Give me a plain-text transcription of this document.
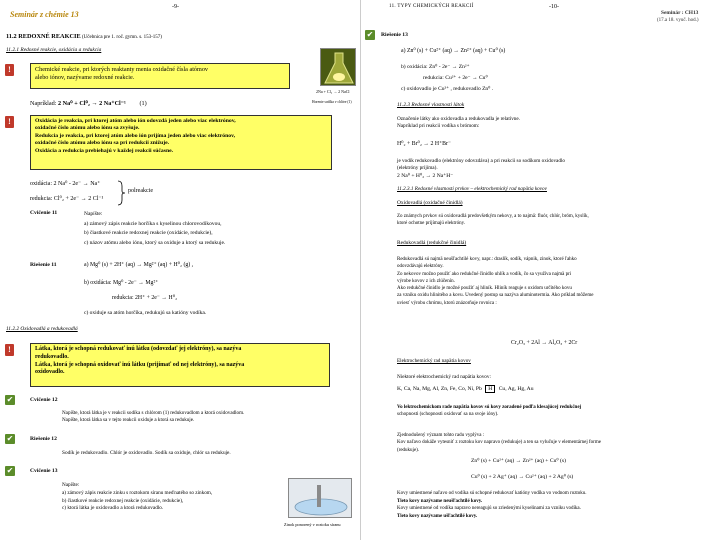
-9-
Seminár z chémie 13
11.2 REDOXNÉ REAKCIE (Učebnica pre 1. roč. gymn. s. 153-157)
11.2.1 Redoxné reakcie, oxidácia a redukcia
!	Chemické reakcie, pri ktorých reaktanty menia oxidačné čísla atómov
alebo iónov, nazývame redoxné reakcie.
Napríklad: 2 Na⁰ + Cl⁰₂ → 2 Na⁺Cl⁻¹ (1)
2Na + Cl₂ → 2 NaCl
Horenie sodíka v chlóre (1)
!	Oxidácia je reakcia, pri ktorej atóm alebo ión odovzdá jeden alebo viac elektrónov,
oxidačné číslo atómu alebo iónu sa zvyšuje.
Redukcia je reakcia, pri ktorej atóm alebo ión prijíma jeden alebo viac elektrónov,
oxidačné číslo atómu alebo iónu sa pri redukcii znižuje.
Oxidácia a redukcia prebiehajú v každej reakcii súčasne.
oxidácia: 2 Na⁰ - 2e⁻ → Na⁺
redukcia: Cl⁰₂ + 2e⁻ → 2 Cl⁻¹
polreakcie
Cvičenie 11	Napíšte:
a) zámový zápis reakcie horčíka s kyselinou chlorovodíkovou,
b) čiastkové reakcie redoxnej reakcie (oxidácie, redukcie),
c) názov atómu alebo iónu, ktorý sa oxiduje a ktorý sa redukuje.
Riešenie 11	a) Mg⁰ (s) + 2H⁺ (aq) → Mg²⁺ (aq) + H⁰₂ (g) ,
b) oxidácia: Mg⁰ - 2e⁻ → Mg²⁺
redukcia: 2H⁺ + 2e⁻ → H⁰₂
c) oxiduje sa atóm horčíka, redukujú sa katióny vodíka.
11.2.2 Oxidovadlá a redukovadlá
!	Látka, ktorá je schopná redukovať inú látku (odovzdať jej elektróny), sa nazýva
redukovadlo.
Látka, ktorá je schopná oxidovať inú látku (prijímať od nej elektróny), sa nazýva
oxidovadlo.
✔	Cvičenie 12
Napíšte, ktorá látka je v reakcii sodíka s chlórom (1) redukovadlom a ktorá oxidovadlom.
Napíšte, ktorá látka sa v tejto reakcii oxiduje a ktorá sa redukuje.
✔	Riešenie 12
Sodík je redukovadlo. Chlór je oxidovadlo. Sodík sa oxiduje, chlór sa redukuje.
✔	Cvičenie 13
Napíšte:
a) zámový zápis reakcie zinku s roztokom síranu meďnatého so zinkom,
b) čiastkové reakcie redoxnej reakcie (oxidácie, redukcie),
c) ktorá látka je oxidovadlo a ktorá redukovadlo.
Zinok ponorený v roztoku síranu
11. TYPY CHEMICKÝCH REAKCIÍ	-10-
Seminár : CH13
(17.a 18. vyuč. hod.)
✔ Riešenie 13
a) Zn⁰ (s) + Cu²⁺ (aq) → Zn²⁺ (aq) + Cu⁰ (s)
b) oxidácia: Zn⁰ - 2e⁻ → Zn²⁺
redukcia: Cu²⁺ + 2e⁻ → Cu⁰
c) oxidovadlo je Cu²⁺ , redukovadlo Zn⁰ .
11.2.3 Redoxné vlastnosti látok
Označenie látky ako oxidovadla a redukovadla je relatívne.
Napríklad pri reakcii vodíka s brómom:
H⁰₂ + Br⁰₂ → 2 H⁺Br⁻
je vodík redukovadlo (elektróny odovzdáva) a pri reakcii so sodíkom oxidovadlo
(elektróny prijíma).
2 Na⁰ + H⁰₂ → 2 Na⁺H⁻
11.2.3.1 Redoxné vlastnosti prvkov – elektrochemický rad napätia kovov
Oxidovadlá (oxidačné činidlá)
Zo známych prvkov sú oxidovadlá predovšetkým nekovy, a to najmä: fluór, chlór, bróm, kyslík,
ktoré ochotne prijímajú elektróny.
Redukovadlá (redukčné činidlá)
Redukovadlá sú najmä neušľachtilé kovy, napr.: draslík, sodík, vápnik, zinok, ktoré ľahko
odovzdávajú elektróny.
Zo nekovov možno použiť ako redukčné činidlo uhlík a vodík, čo sa využíva najmä pri
výrobe kovov z ich zlúčenín.
Ako redukčné činidlo je možné použiť aj hliník. Hliník reaguje s oxidom určitého kovu
za vzniku oxidu hlinitého a kovu. Uvedený postup sa nazýva aluminotermia. Ako príklad môžeme
uviesť výrobu chrómu, ktorú znázorňuje rovnica :
Cr₂O₃ + 2Al → Al₂O₃ + 2Cr
Elektrochemický rad napätia kovov
Niektoré elektrochemický rad napätia kovov:
K, Ca, Na, Mg, Al, Zn, Fe, Co, Ni, Pb H Cu, Ag, Hg, Au
Vo lektrochemickom rade napätia kovov sú kovy zoradené podľa klesajúcej redukčnej
schopnosti (schopnosti oxidovať sa na svoje ióny).
Zjednodušený význam tohto radu vyplýva :
Kov naľavo dokáže vytesniť z roztoku kov napravo (redukuje) a ten sa vylučuje v elementárnej forme
(redukuje).
Zn⁰ (s) + Cu²⁺ (aq) → Zn²⁺ (aq) + Cu⁰ (s)
Cu⁰ (s) + 2 Ag⁺ (aq) → Cu²⁺ (aq) + 2 Ag⁰ (s)
Kovy umiestnené naľavo od vodíka sú schopné redukovať katióny vodíka vo vodnom roztoku.
Tieto kovy nazývame neušľachtilé kovy.
Kovy umiestnené od vodíka napravo nereagujú so zriedenými kyselinami za vzniku vodíka.
Tieto kovy nazývame ušľachtilé kovy.
